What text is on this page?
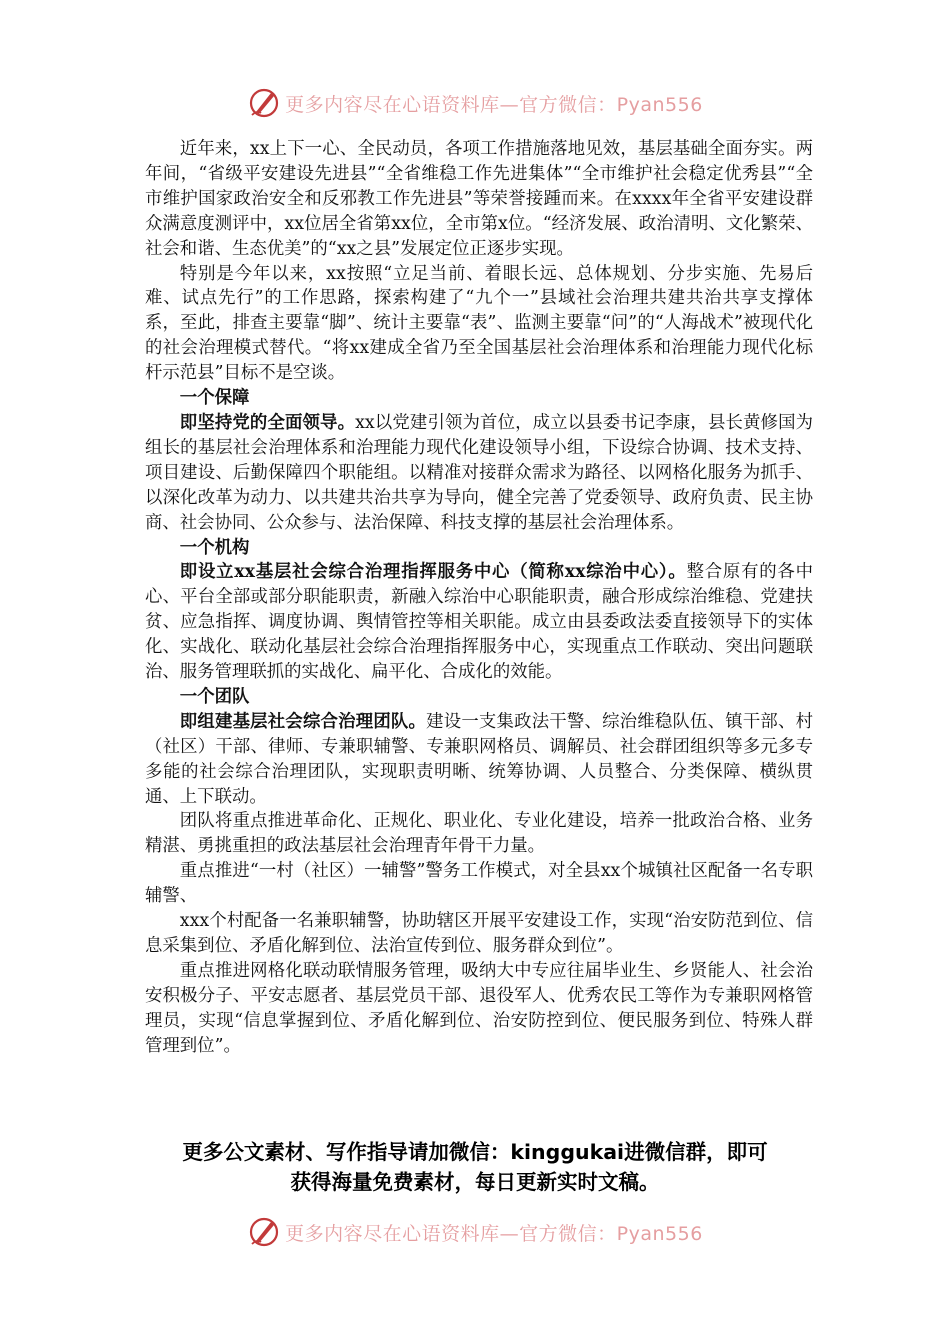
更多内容尽在心语资料库—官方微信：Pyan556

近年来，xx上下一心、全民动员，各项工作措施落地见效，基层基础全面夯实。两年间，“省级平安建设先进县”“全省维稳工作先进集体”“全市维护社会稳定优秀县”“全市维护国家政治安全和反邪教工作先进县”等荣誉接踵而来。在xxxx年全省平安建设群众满意度测评中，xx位居全省第xx位，全市第x位。“经济发展、政治清明、文化繁荣、社会和谐、生态优美”的“xx之县”发展定位正逐步实现。

特别是今年以来，xx按照“立足当前、着眼长远、总体规划、分步实施、先易后难、试点先行”的工作思路，探索构建了“九个一”县域社会治理共建共治共享支撑体系，至此，排查主要靠“脚”、统计主要靠“表”、监测主要靠“问”的“人海战术”被现代化的社会治理模式替代。“将xx建成全省乃至全国基层社会治理体系和治理能力现代化标杆示范县”目标不是空谈。

一个保障

即坚持党的全面领导。xx以党建引领为首位，成立以县委书记李康，县长黄修国为组长的基层社会治理体系和治理能力现代化建设领导小组，下设综合协调、技术支持、项目建设、后勤保障四个职能组。以精准对接群众需求为路径、以网格化服务为抓手、以深化改革为动力、以共建共治共享为导向，健全完善了党委领导、政府负责、民主协商、社会协同、公众参与、法治保障、科技支撑的基层社会治理体系。

一个机构

即设立xx基层社会综合治理指挥服务中心（简称xx综治中心）。整合原有的各中心、平台全部或部分职能职责，新融入综治中心职能职责，融合形成综治维稳、党建扶贫、应急指挥、调度协调、舆情管控等相关职能。成立由县委政法委直接领导下的实体化、实战化、联动化基层社会综合治理指挥服务中心，实现重点工作联动、突出问题联治、服务管理联抓的实战化、扁平化、合成化的效能。

一个团队

即组建基层社会综合治理团队。建设一支集政法干警、综治维稳队伍、镇干部、村（社区）干部、律师、专兼职辅警、专兼职网格员、调解员、社会群团组织等多元多专多能的社会综合治理团队，实现职责明晰、统筹协调、人员整合、分类保障、横纵贯通、上下联动。

团队将重点推进革命化、正规化、职业化、专业化建设，培养一批政治合格、业务精湛、勇挑重担的政法基层社会治理青年骨干力量。

重点推进“一村（社区）一辅警”警务工作模式，对全县xx个城镇社区配备一名专职辅警、

xxx个村配备一名兼职辅警，协助辖区开展平安建设工作，实现“治安防范到位、信息采集到位、矛盾化解到位、法治宣传到位、服务群众到位”。

重点推进网格化联动联情服务管理，吸纳大中专应往届毕业生、乡贤能人、社会治安积极分子、平安志愿者、基层党员干部、退役军人、优秀农民工等作为专兼职网格管理员，实现“信息掌握到位、矛盾化解到位、治安防控到位、便民服务到位、特殊人群管理到位”。

更多公文素材、写作指导请加微信：kinggukai进微信群，即可
获得海量免费素材，每日更新实时文稿。
更多内容尽在心语资料库—官方微信：Pyan556
